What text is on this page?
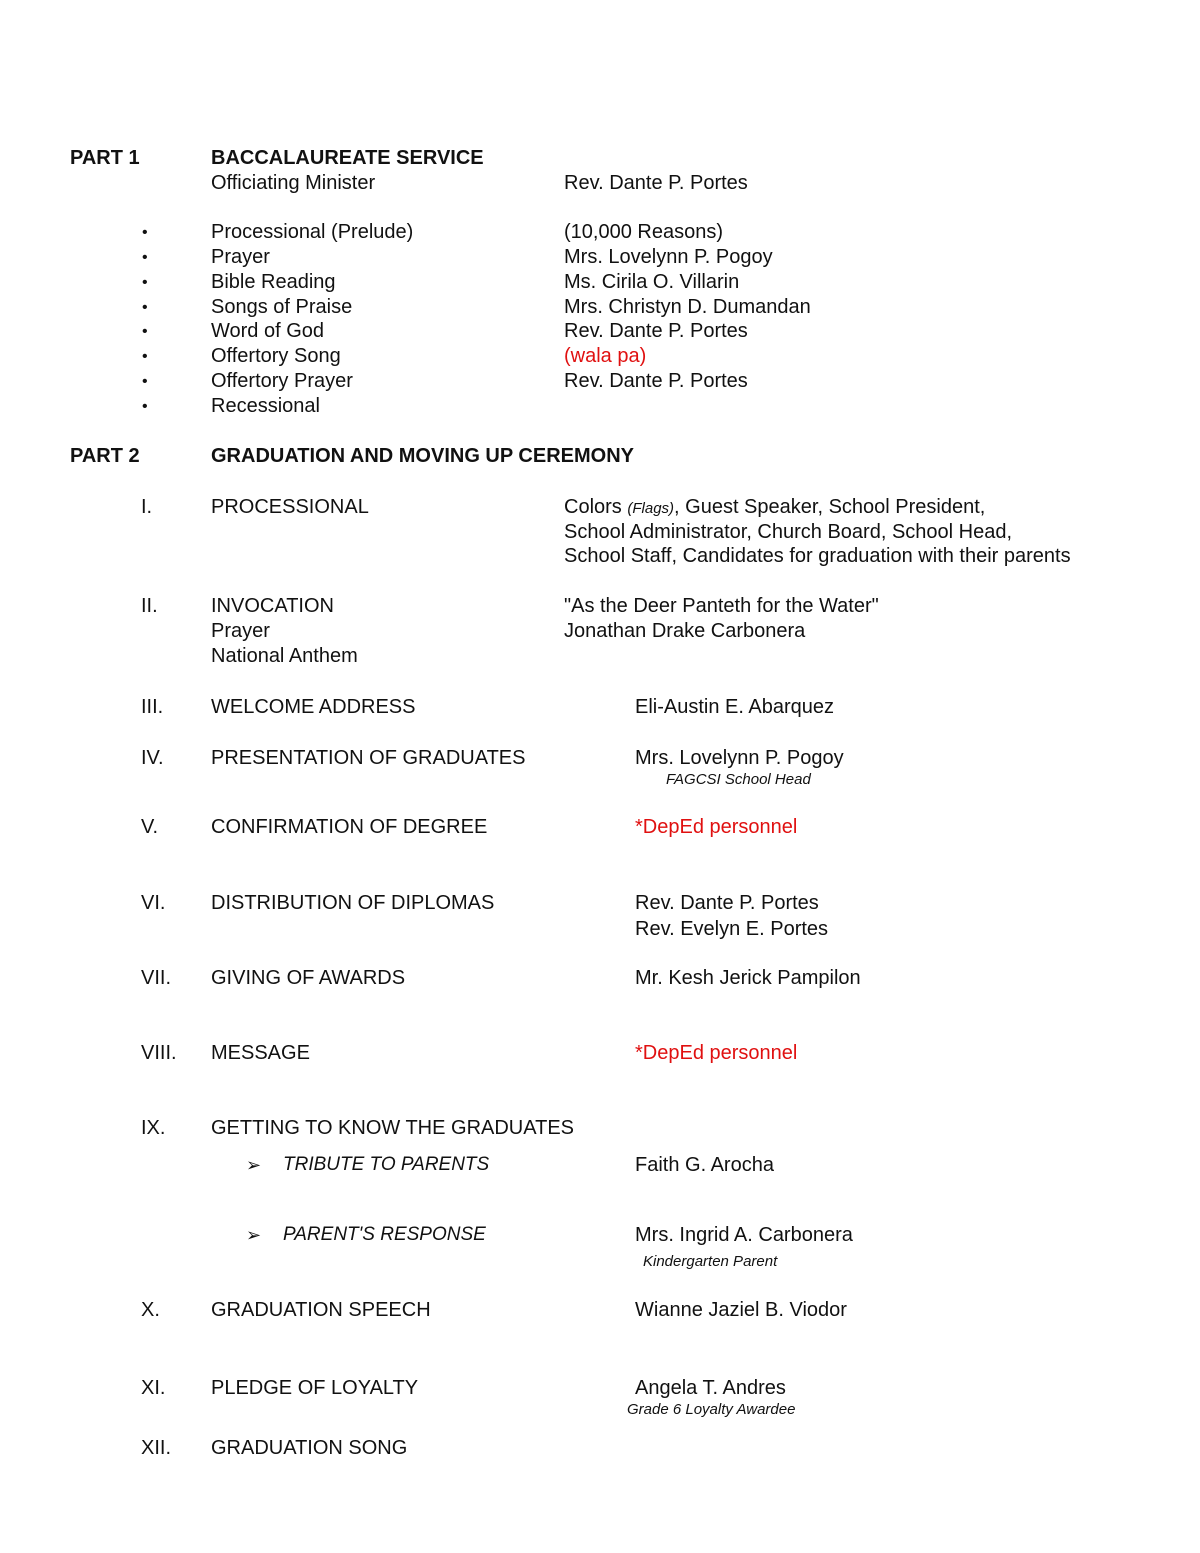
PART 1	BACCALAUREATE SERVICE
Officiating Minister	Rev. Dante P. Portes
•	Processional (Prelude)	(10,000 Reasons)
•	Prayer	Mrs. Lovelynn P. Pogoy
•	Bible Reading	Ms. Cirila O. Villarin
•	Songs of Praise	Mrs. Christyn D. Dumandan
•	Word of God	Rev. Dante P. Portes
•	Offertory Song	(wala pa)
•	Offertory Prayer	Rev. Dante P. Portes
•	Recessional
PART 2	GRADUATION AND MOVING UP CEREMONY
I.	PROCESSIONAL	Colors (Flags), Guest Speaker, School President,
School Administrator, Church Board, School Head,
School Staff, Candidates for graduation with their parents
II.	INVOCATION	"As the Deer Panteth for the Water"
Prayer	Jonathan Drake Carbonera
National Anthem
III. WELCOME ADDRESS	Eli-Austin E. Abarquez
IV. PRESENTATION OF GRADUATES	Mrs. Lovelynn P. Pogoy
FAGCSI School Head
V.	CONFIRMATION OF DEGREE	*DepEd personnel
VI. DISTRIBUTION OF DIPLOMAS	Rev. Dante P. Portes
Rev. Evelyn E. Portes
VII. GIVING OF AWARDS	Mr. Kesh Jerick Pampilon
VIII. MESSAGE	*DepEd personnel
IX. GETTING TO KNOW THE GRADUATES
➢ TRIBUTE TO PARENTS	Faith G. Arocha
➢ PARENT'S RESPONSE	Mrs. Ingrid A. Carbonera
Kindergarten Parent
X.	GRADUATION SPEECH	Wianne Jaziel B. Viodor
XI. PLEDGE OF LOYALTY	Angela T. Andres
Grade 6 Loyalty Awardee
XII. GRADUATION SONG
